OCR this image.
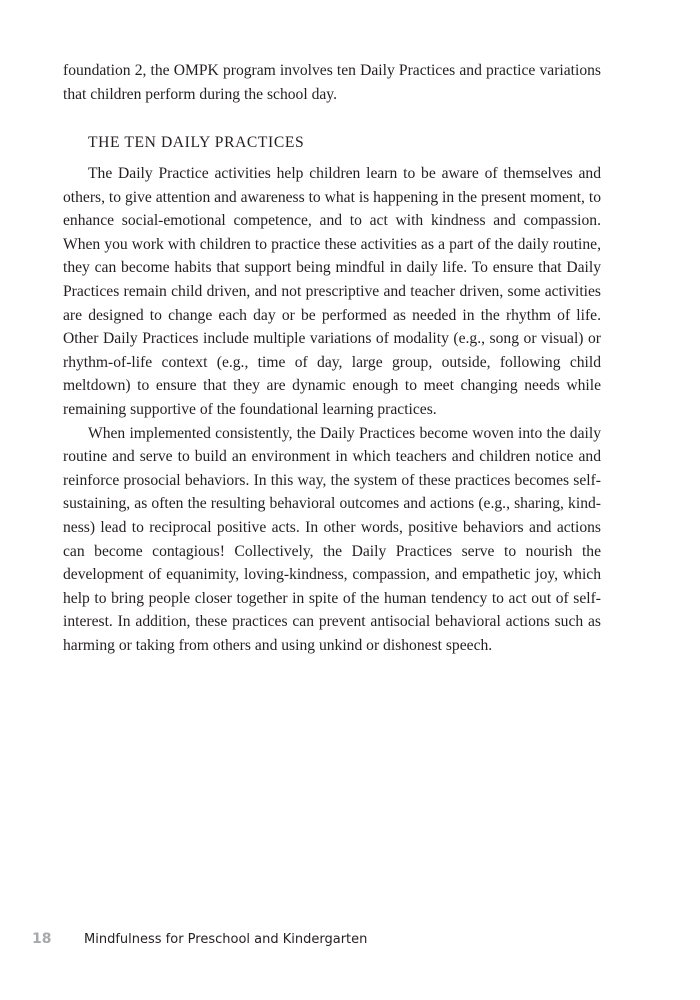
foundation 2, the OMPK program involves ten Daily Practices and practice variations that children perform during the school day.

THE TEN DAILY PRACTICES

The Daily Practice activities help children learn to be aware of themselves and others, to give attention and awareness to what is happening in the present moment, to enhance social-emotional competence, and to act with kindness and compassion. When you work with children to practice these activities as a part of the daily routine, they can become habits that support being mindful in daily life. To ensure that Daily Practices remain child driven, and not prescriptive and teacher driven, some activities are designed to change each day or be performed as needed in the rhythm of life. Other Daily Practices include multiple variations of modality (e.g., song or visual) or rhythm-of-life context (e.g., time of day, large group, outside, following child meltdown) to ensure that they are dynamic enough to meet changing needs while remaining supportive of the foundational learning practices.

When implemented consistently, the Daily Practices become woven into the daily routine and serve to build an environment in which teachers and children notice and reinforce prosocial behaviors. In this way, the system of these practices becomes self-sustaining, as often the resulting behavioral outcomes and actions (e.g., sharing, kindness) lead to reciprocal positive acts. In other words, positive behaviors and actions can become contagious! Collectively, the Daily Practices serve to nourish the development of equanimity, loving-kindness, compassion, and empathetic joy, which help to bring people closer together in spite of the human tendency to act out of self-interest. In addition, these practices can prevent antisocial behavioral actions such as harming or taking from others and using unkind or dishonest speech.

18	Mindfulness for Preschool and Kindergarten
